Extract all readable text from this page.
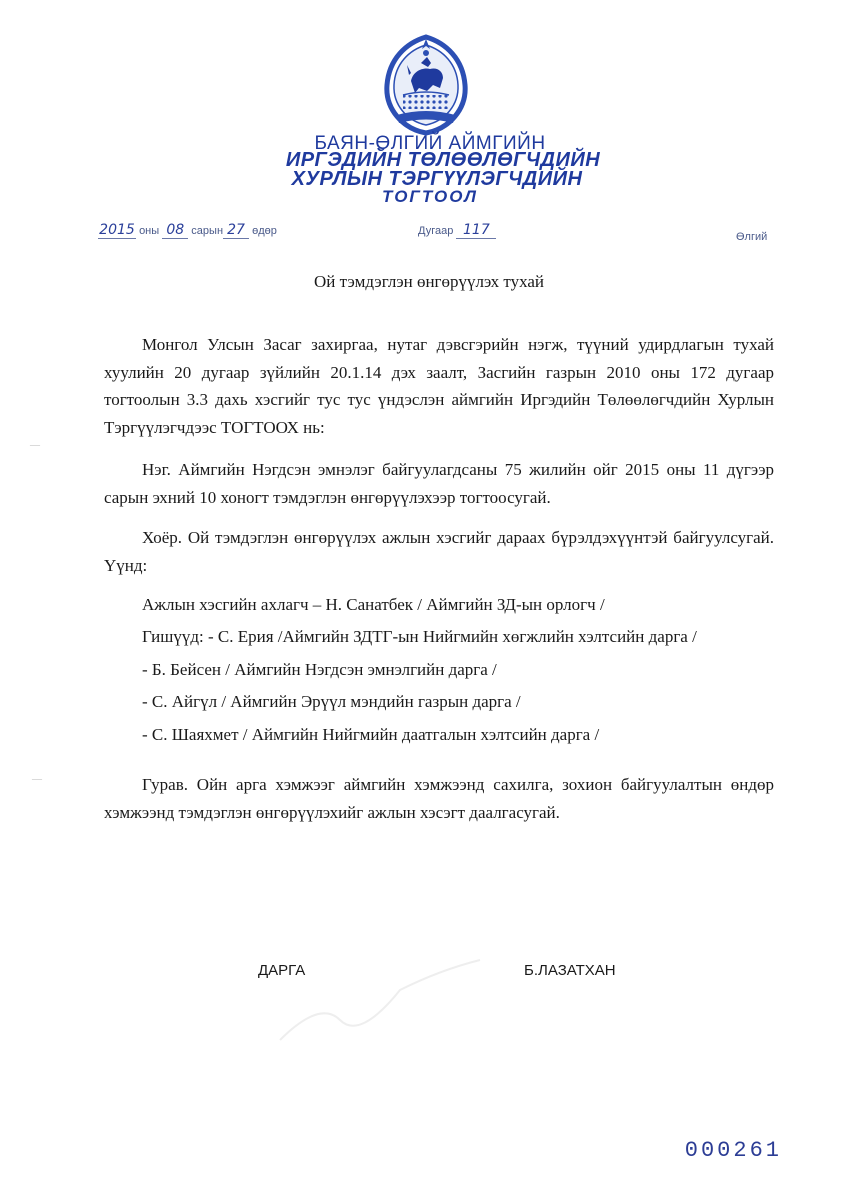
БАЯН-ӨЛГИЙ АЙМГИЙН
ИРГЭДИЙН ТӨЛӨӨЛӨГЧДИЙН
ХУРЛЫН ТЭРГҮҮЛЭГЧДИЙН
ТОГТООЛ
2015 оны 08 сарын 27 өдөр	Дугаар 117	Өлгий
Ой тэмдэглэн өнгөрүүлэх тухай
Монгол Улсын Засаг захиргаа, нутаг дэвсгэрийн нэгж, түүний удирдлагын тухай хуулийн 20 дугаар зүйлийн 20.1.14 дэх заалт, Засгийн газрын 2010 оны 172 дугаар тогтоолын 3.3 дахь хэсгийг тус тус үндэслэн аймгийн Иргэдийн Төлөөлөгчдийн Хурлын Тэргүүлэгчдээс ТОГТООХ нь:
Нэг. Аймгийн Нэгдсэн эмнэлэг байгуулагдсаны 75 жилийн ойг 2015 оны 11 дүгээр сарын эхний 10 хоногт тэмдэглэн өнгөрүүлэхээр тогтоосугай.
Хоёр. Ой тэмдэглэн өнгөрүүлэх ажлын хэсгийг дараах бүрэлдэхүүнтэй байгуулсугай. Үүнд:
Ажлын хэсгийн ахлагч – Н. Санатбек / Аймгийн ЗД-ын орлогч /
Гишүүд: - С. Ерия /Аймгийн ЗДТГ-ын Нийгмийн хөгжлийн хэлтсийн дарга /
- Б. Бейсен / Аймгийн Нэгдсэн эмнэлгийн дарга /
- С. Айгүл / Аймгийн Эрүүл мэндийн газрын дарга /
- С. Шаяхмет / Аймгийн Нийгмийн даатгалын хэлтсийн дарга /
Гурав. Ойн арга хэмжээг аймгийн хэмжээнд сахилга, зохион байгуулалтын өндөр хэмжээнд тэмдэглэн өнгөрүүлэхийг ажлын хэсэгт даалгасугай.
—
—
ДАРГА	Б.ЛАЗАТХАН
000261
